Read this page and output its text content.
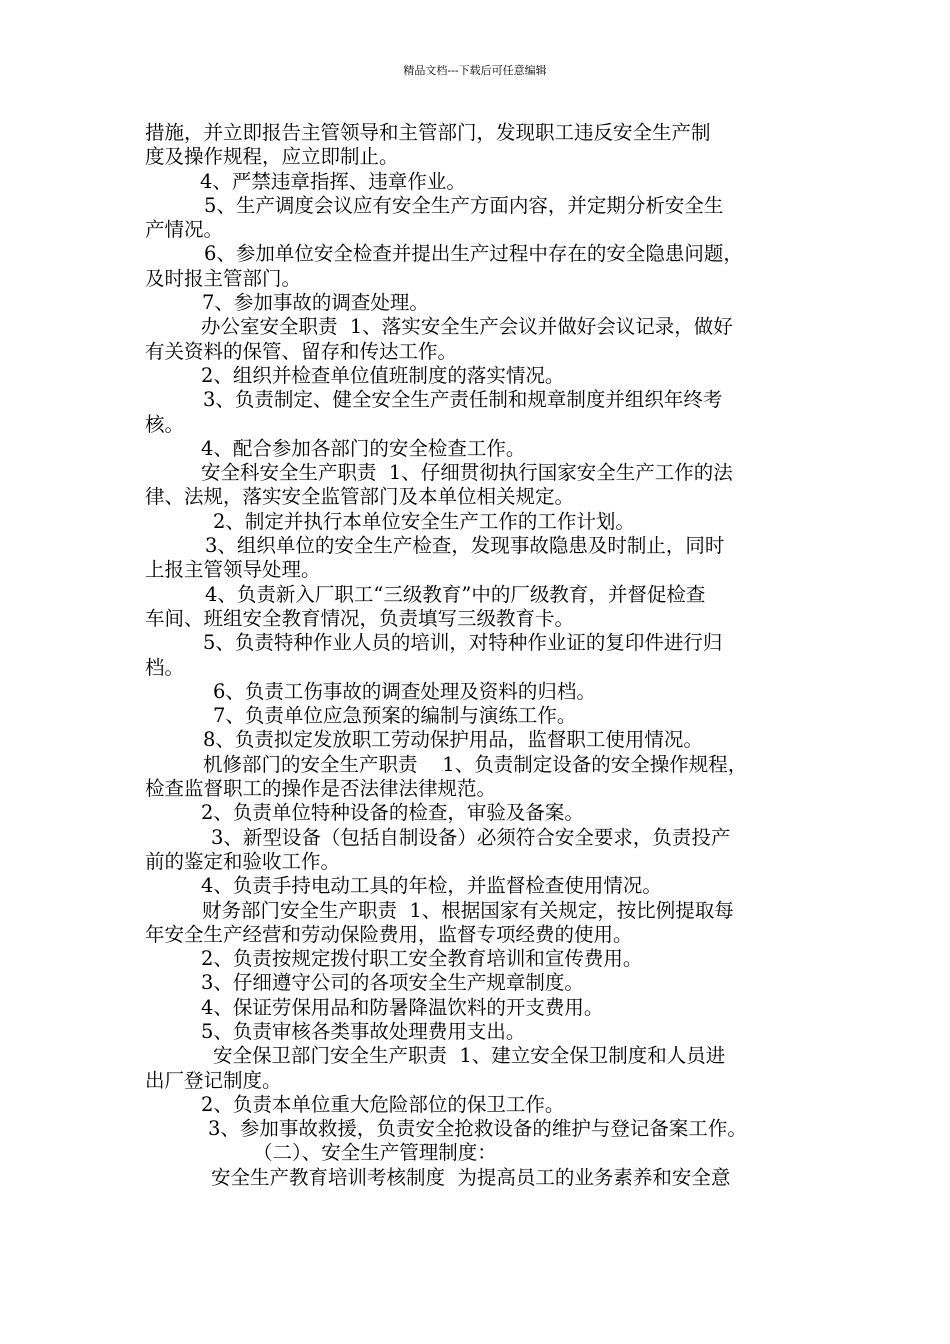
精品文档---下载后可任意编辑
措施，并立即报告主管领导和主管部门，发现职工违反安全生产制
度及操作规程，应立即制止。
4、严禁违章指挥、违章作业。
5、生产调度会议应有安全生产方面内容，并定期分析安全生
产情况。
6、参加单位安全检查并提出生产过程中存在的安全隐患问题，
及时报主管部门。
7、参加事故的调查处理。
办公室安全职责  1、落实安全生产会议并做好会议记录，做好
有关资料的保管、留存和传达工作。
2、组织并检查单位值班制度的落实情况。
3、负责制定、健全安全生产责任制和规章制度并组织年终考
核。
4、配合参加各部门的安全检查工作。
安全科安全生产职责  1、仔细贯彻执行国家安全生产工作的法
律、法规，落实安全监管部门及本单位相关规定。
2、制定并执行本单位安全生产工作的工作计划。
3、组织单位的安全生产检查，发现事故隐患及时制止，同时
上报主管领导处理。
4、负责新入厂职工“三级教育”中的厂级教育，并督促检查
车间、班组安全教育情况，负责填写三级教育卡。
5、负责特种作业人员的培训，对特种作业证的复印件进行归
档。
6、负责工伤事故的调查处理及资料的归档。
7、负责单位应急预案的编制与演练工作。
8、负责拟定发放职工劳动保护用品，监督职工使用情况。
机修部门的安全生产职责    1、负责制定设备的安全操作规程，
检查监督职工的操作是否法律法律规范。
2、负责单位特种设备的检查，审验及备案。
3、新型设备（包括自制设备）必须符合安全要求，负责投产
前的鉴定和验收工作。
4、负责手持电动工具的年检，并监督检查使用情况。
财务部门安全生产职责  1、根据国家有关规定，按比例提取每
年安全生产经营和劳动保险费用，监督专项经费的使用。
2、负责按规定拨付职工安全教育培训和宣传费用。
3、仔细遵守公司的各项安全生产规章制度。
4、保证劳保用品和防暑降温饮料的开支费用。
5、负责审核各类事故处理费用支出。
安全保卫部门安全生产职责  1、建立安全保卫制度和人员进
出厂登记制度。
2、负责本单位重大危险部位的保卫工作。
3、参加事故救援，负责安全抢救设备的维护与登记备案工作。
（二）、安全生产管理制度：
安全生产教育培训考核制度  为提高员工的业务素养和安全意
